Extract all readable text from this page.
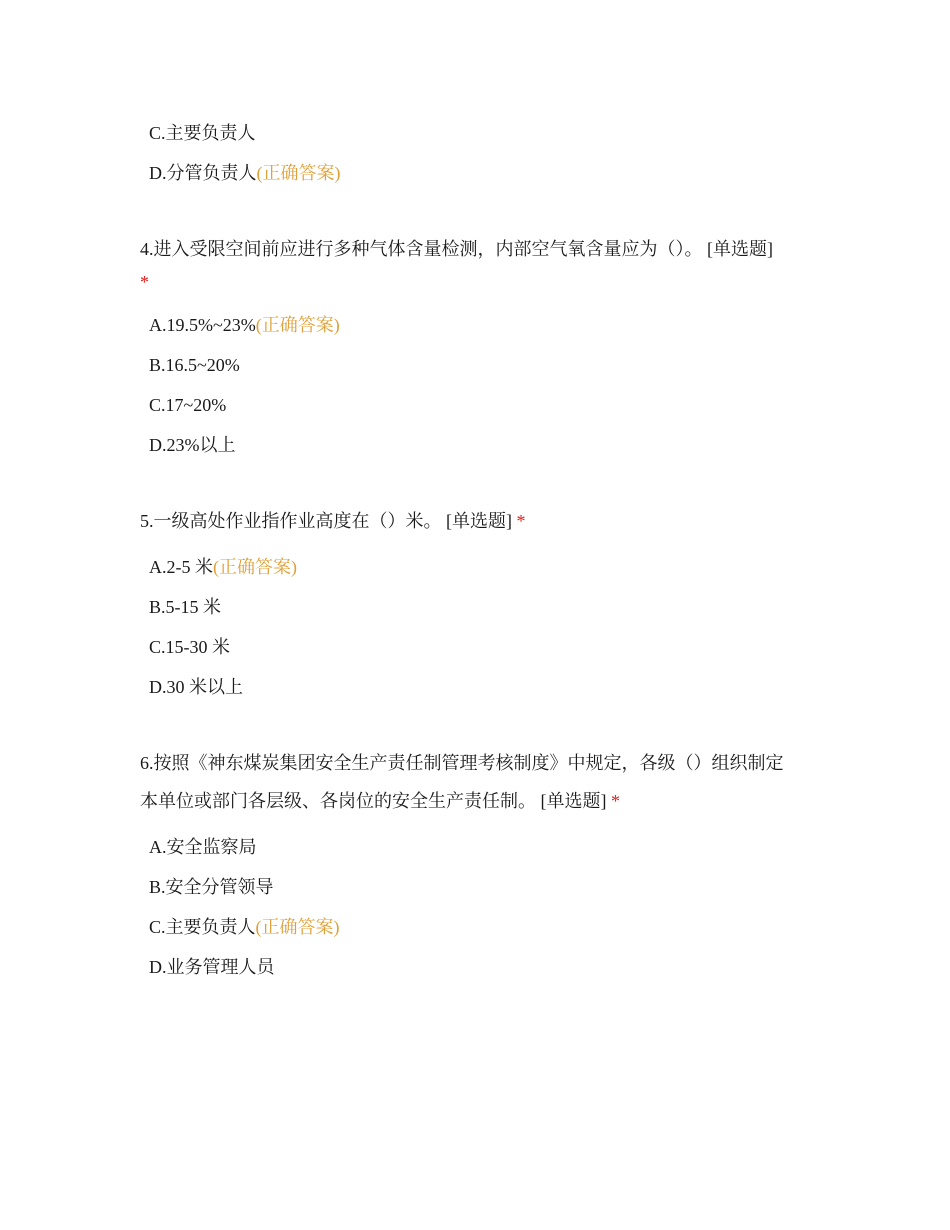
C.主要负责人
D.分管负责人(正确答案)
4.进入受限空间前应进行多种气体含量检测，内部空气氧含量应为（）。 [单选题]
*
A.19.5%~23%(正确答案)
B.16.5~20%
C.17~20%
D.23%以上
5.一级高处作业指作业高度在（）米。 [单选题] *
A.2-5 米(正确答案)
B.5-15 米
C.15-30 米
D.30 米以上
6.按照《神东煤炭集团安全生产责任制管理考核制度》中规定，各级（）组织制定
本单位或部门各层级、各岗位的安全生产责任制。 [单选题] *
A.安全监察局
B.安全分管领导
C.主要负责人(正确答案)
D.业务管理人员
